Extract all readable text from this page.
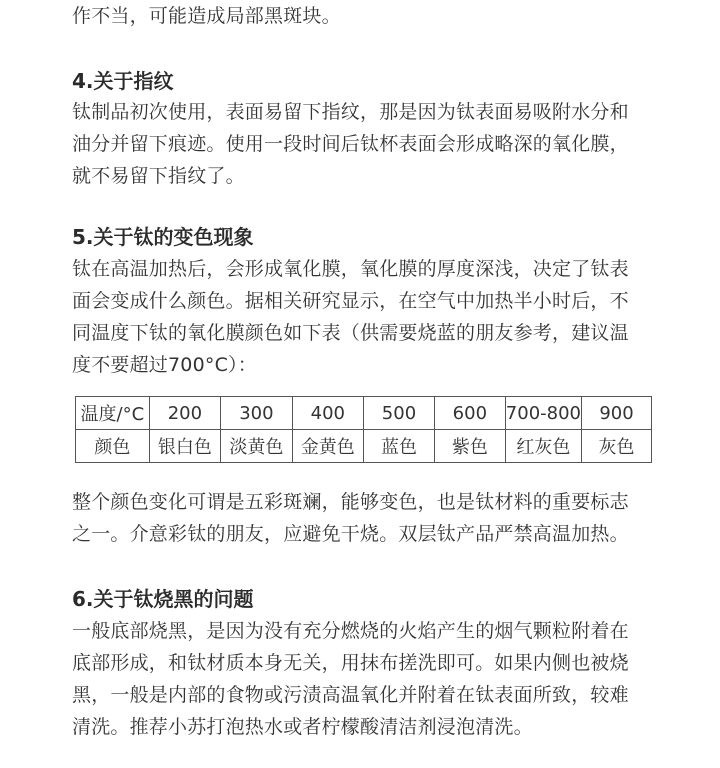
作不当，可能造成局部黑斑块。

4.关于指纹

钛制品初次使用，表面易留下指纹，那是因为钛表面易吸附水分和

油分并留下痕迹。使用一段时间后钛杯表面会形成略深的氧化膜，

就不易留下指纹了。

5.关于钛的变色现象

钛在高温加热后，会形成氧化膜，氧化膜的厚度深浅，决定了钛表

面会变成什么颜色。据相关研究显示，在空气中加热半小时后，不

同温度下钛的氧化膜颜色如下表（供需要烧蓝的朋友参考，建议温

度不要超过700°C）：

温度/°C	200	300	400	500	600	700-800	900
颜色	银白色	淡黄色	金黄色	蓝色	紫色	红灰色	灰色

整个颜色变化可谓是五彩斑斓，能够变色，也是钛材料的重要标志

之一。介意彩钛的朋友，应避免干烧。双层钛产品严禁高温加热。

6.关于钛烧黑的问题

一般底部烧黑，是因为没有充分燃烧的火焰产生的烟气颗粒附着在

底部形成，和钛材质本身无关，用抹布搓洗即可。如果内侧也被烧

黑，一般是内部的食物或污渍高温氧化并附着在钛表面所致，较难

清洗。推荐小苏打泡热水或者柠檬酸清洁剂浸泡清洗。
